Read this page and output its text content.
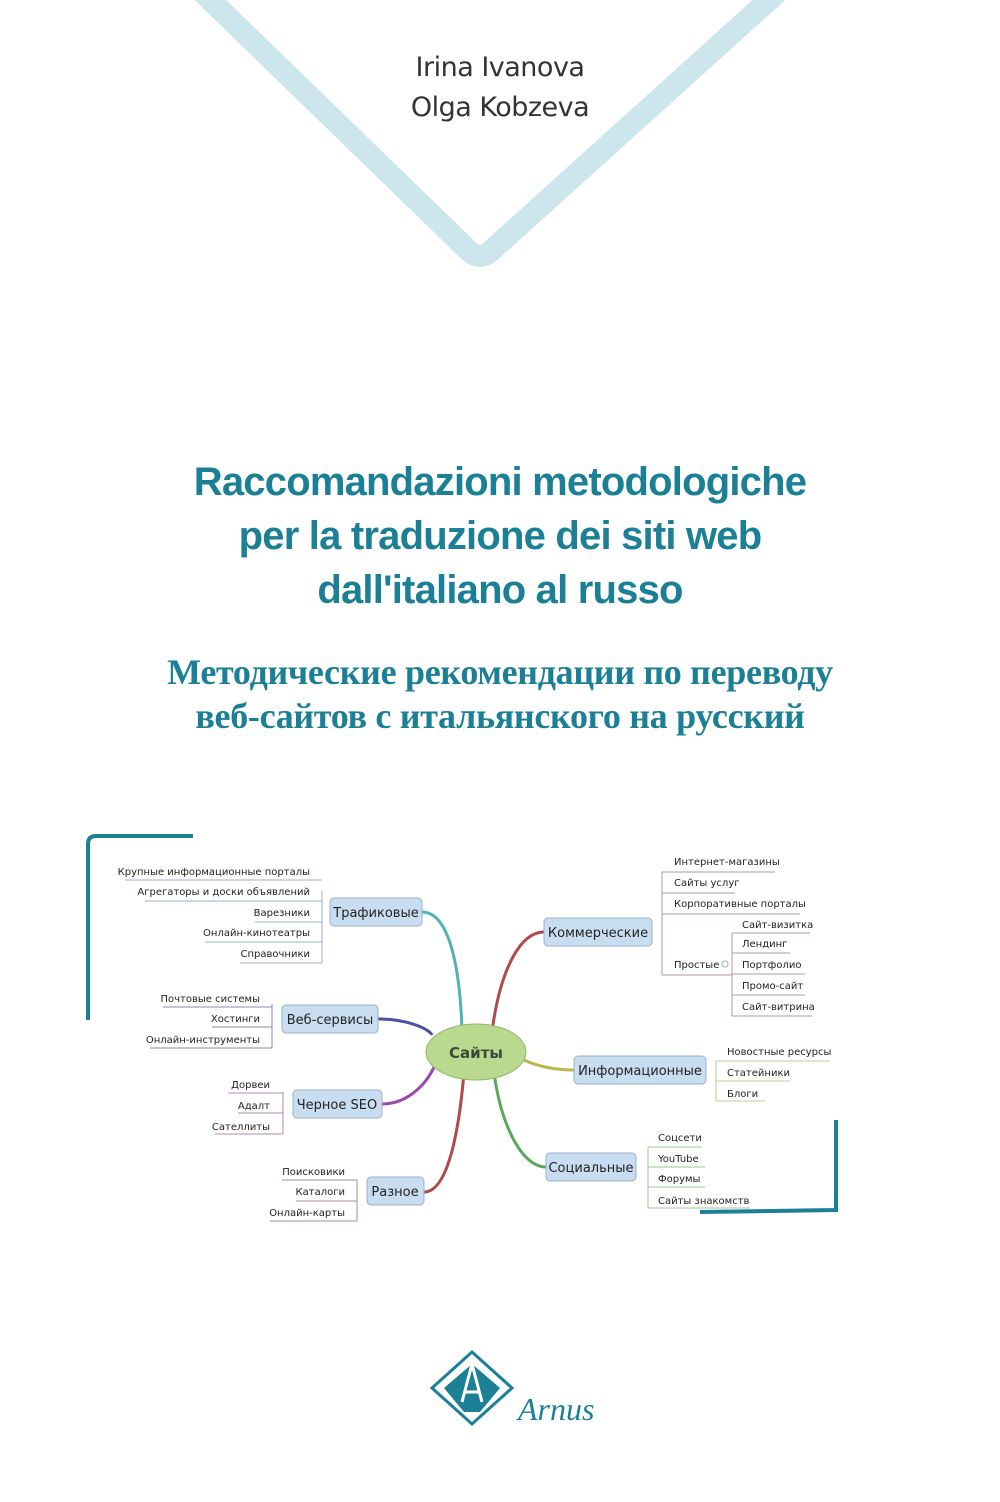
Irina Ivanova
Olga Kobzeva
Raccomandazioni metodologiche
per la traduzione dei siti web
dall'italiano al russo
Методические рекомендации по переводу
веб-сайтов с итальянского на русский
Сайты
Трафиковые
Крупные информационные порталы
Агрегаторы и доски объявлений
Варезники
Онлайн-кинотеатры
Справочники
Веб-сервисы
Почтовые системы
Хостинги
Онлайн-инструменты
Черное SEO
Дорвеи
Адалт
Сателлиты
Разное
Поисковики
Каталоги
Онлайн-карты
Коммерческие
Интернет-магазины
Сайты услуг
Корпоративные порталы
Простые
Сайт-визитка
Лендинг
Портфолио
Промо-сайт
Сайт-витрина
Информационные
Новостные ресурсы
Статейники
Блоги
Социальные
Соцсети
YouTube
Форумы
Сайты знакомств
Arnus
